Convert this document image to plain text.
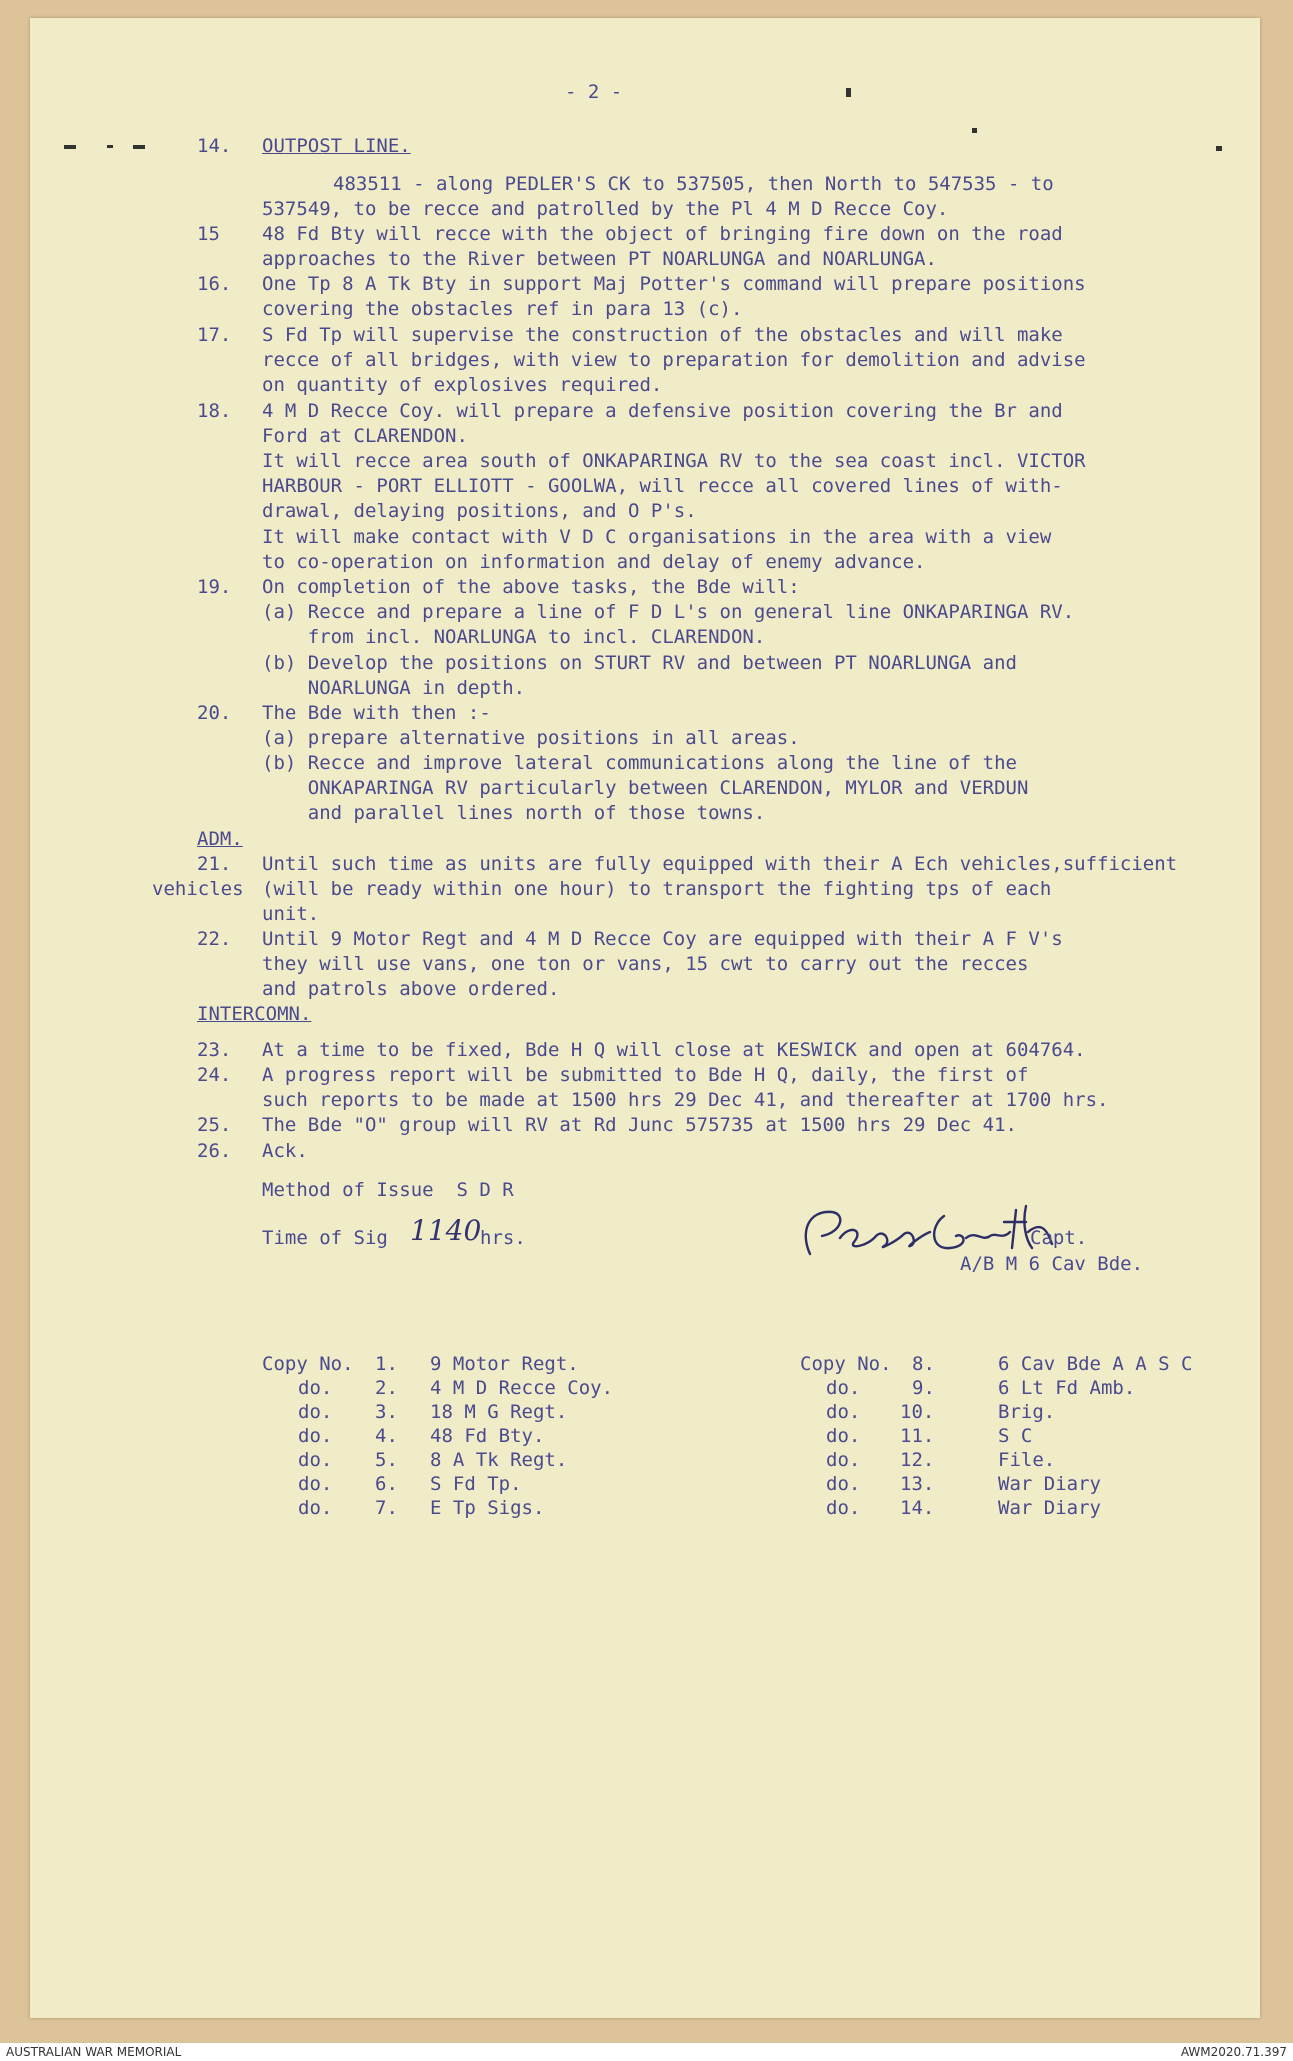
- 2 -
14. OUTPOST LINE.
483511 - along PEDLER'S CK to 537505, then North to 547535 - to
537549, to be recce and patrolled by the Pl 4 M D Recce Coy.
15 48 Fd Bty will recce with the object of bringing fire down on the road
approaches to the River between PT NOARLUNGA and NOARLUNGA.
16. One Tp 8 A Tk Bty in support Maj Potter's command will prepare positions
covering the obstacles ref in para 13 (c).
17. S Fd Tp will supervise the construction of the obstacles and will make
recce of all bridges, with view to preparation for demolition and advise
on quantity of explosives required.
18. 4 M D Recce Coy. will prepare a defensive position covering the Br and
Ford at CLARENDON.
It will recce area south of ONKAPARINGA RV to the sea coast incl. VICTOR
HARBOUR - PORT ELLIOTT - GOOLWA, will recce all covered lines of with-
drawal, delaying positions, and O P's.
It will make contact with V D C organisations in the area with a view
to co-operation on information and delay of enemy advance.
19. On completion of the above tasks, the Bde will:
(a) Recce and prepare a line of F D L's on general line ONKAPARINGA RV.
from incl. NOARLUNGA to incl. CLARENDON.
(b) Develop the positions on STURT RV and between PT NOARLUNGA and
NOARLUNGA in depth.
20. The Bde with then :-
(a) prepare alternative positions in all areas.
(b) Recce and improve lateral communications along the line of the
ONKAPARINGA RV particularly between CLARENDON, MYLOR and VERDUN
and parallel lines north of those towns.
ADM.
21. Until such time as units are fully equipped with their A Ech vehicles,sufficient
vehicles (will be ready within one hour) to transport the fighting tps of each
unit.
22. Until 9 Motor Regt and 4 M D Recce Coy are equipped with their A F V's
they will use vans, one ton or vans, 15 cwt to carry out the recces
and patrols above ordered.
INTERCOMN.
23. At a time to be fixed, Bde H Q will close at KESWICK and open at 604764.
24. A progress report will be submitted to Bde H Q, daily, the first of
such reports to be made at 1500 hrs 29 Dec 41, and thereafter at 1700 hrs.
25. The Bde "O" group will RV at Rd Junc 575735 at 1500 hrs 29 Dec 41.
26. Ack.
Method of Issue  S D R
Time of Sig 1140
hrs.	Capt.
A/B M 6 Cav Bde.
Copy No. 1. 9 Motor Regt.
do. 2. 4 M D Recce Coy.
do. 3. 18 M G Regt.
do. 4. 48 Fd Bty.
do. 5. 8 A Tk Regt.
do. 6. S Fd Tp.
do. 7. E Tp Sigs.
Copy No. 8.	6 Cav Bde A A S C
do.	9.	6 Lt Fd Amb.
do. 10.	Brig.
do. 11.	S C
do. 12.	File.
do. 13.	War Diary
do. 14.	War Diary
AUSTRALIAN WAR MEMORIAL	AWM2020.71.397
